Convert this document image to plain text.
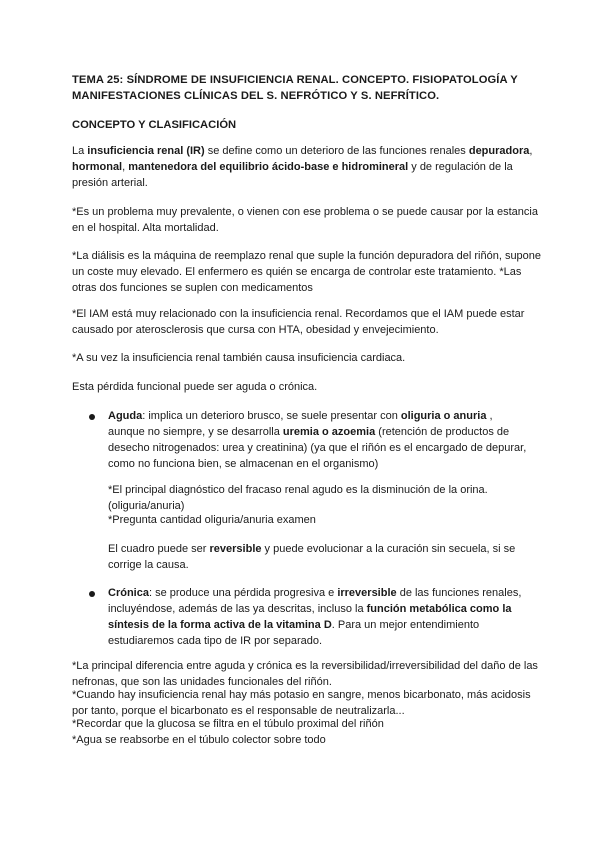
TEMA 25: SÍNDROME DE INSUFICIENCIA RENAL. CONCEPTO. FISIOPATOLOGÍA Y MANIFESTACIONES CLÍNICAS DEL S. NEFRÓTICO Y S. NEFRÍTICO.
CONCEPTO Y CLASIFICACIÓN
La insuficiencia renal (IR) se define como un deterioro de las funciones renales depuradora, hormonal, mantenedora del equilibrio ácido-base e hidromineral y de regulación de la presión arterial.
*Es un problema muy prevalente, o vienen con ese problema o se puede causar por la estancia en el hospital. Alta mortalidad.
*La diálisis es la máquina de reemplazo renal que suple la función depuradora del riñón, supone un coste muy elevado. El enfermero es quién se encarga de controlar este tratamiento. *Las otras dos funciones se suplen con medicamentos
*El IAM está muy relacionado con la insuficiencia renal. Recordamos que el IAM puede estar causado por aterosclerosis que cursa con HTA, obesidad y envejecimiento.
*A su vez la insuficiencia renal también causa insuficiencia cardiaca.
Esta pérdida funcional puede ser aguda o crónica.
Aguda: implica un deterioro brusco, se suele presentar con oliguria o anuria , aunque no siempre, y se desarrolla uremia o azoemia (retención de productos de desecho nitrogenados: urea y creatinina) (ya que el riñón es el encargado de depurar, como no funciona bien, se almacenan en el organismo)
*El principal diagnóstico del fracaso renal agudo es la disminución de la orina. (oliguria/anuria)
*Pregunta cantidad oliguria/anuria examen
El cuadro puede ser reversible y puede evolucionar a la curación sin secuela, si se corrige la causa.
Crónica: se produce una pérdida progresiva e irreversible de las funciones renales, incluyéndose, además de las ya descritas, incluso la función metabólica como la síntesis de la forma activa de la vitamina D. Para un mejor entendimiento estudiaremos cada tipo de IR por separado.
*La principal diferencia entre aguda y crónica es la reversibilidad/irreversibilidad del daño de las nefronas, que son las unidades funcionales del riñón.
*Cuando hay insuficiencia renal hay más potasio en sangre, menos bicarbonato, más acidosis por tanto, porque el bicarbonato es el responsable de neutralizarla...
*Recordar que la glucosa se filtra en el túbulo proximal del riñón
*Agua se reabsorbe en el túbulo colector sobre todo
